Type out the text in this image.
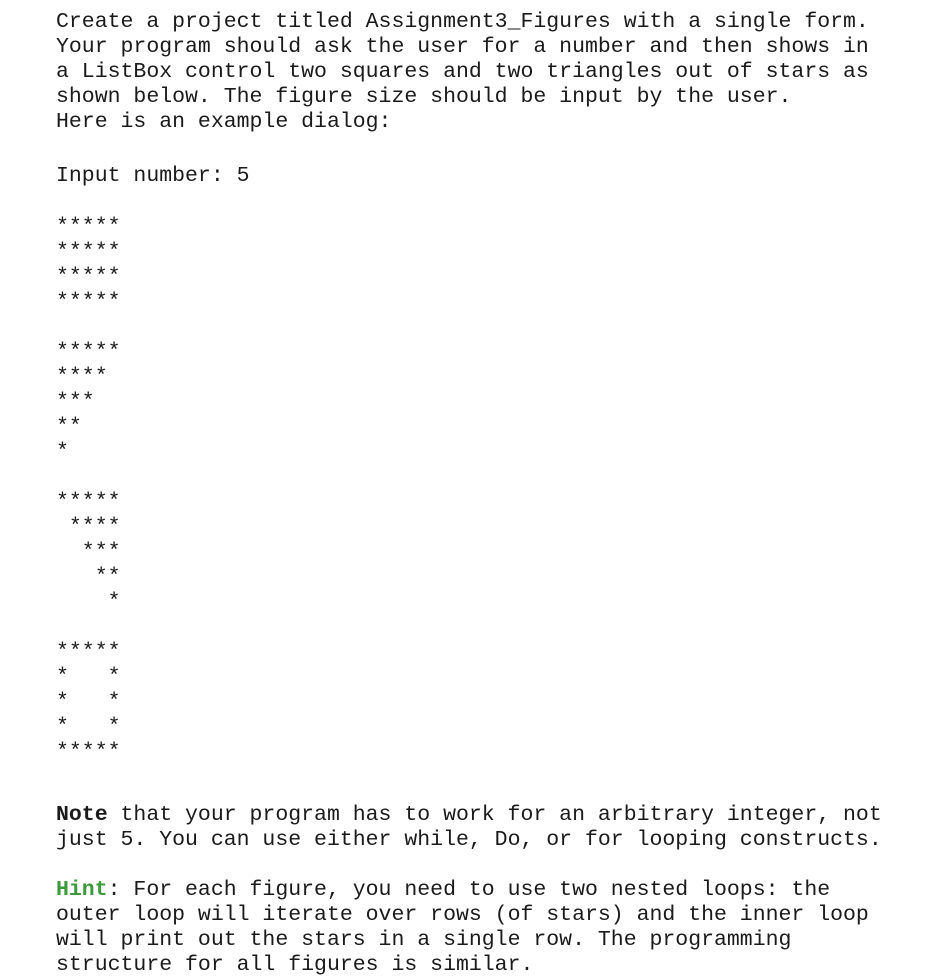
Create a project titled Assignment3_Figures with a single form.
Your program should ask the user for a number and then shows in
a ListBox control two squares and two triangles out of stars as
shown below. The figure size should be input by the user.
Here is an example dialog:
Input number: 5
*****
*****
*****
*****
*****
****
***
**
*
*****
****
***
**
*
*****
*   *
*   *
*   *
*****
Note that your program has to work for an arbitrary integer, not
just 5. You can use either while, Do, or for looping constructs.
Hint: For each figure, you need to use two nested loops: the
outer loop will iterate over rows (of stars) and the inner loop
will print out the stars in a single row. The programming
structure for all figures is similar.
